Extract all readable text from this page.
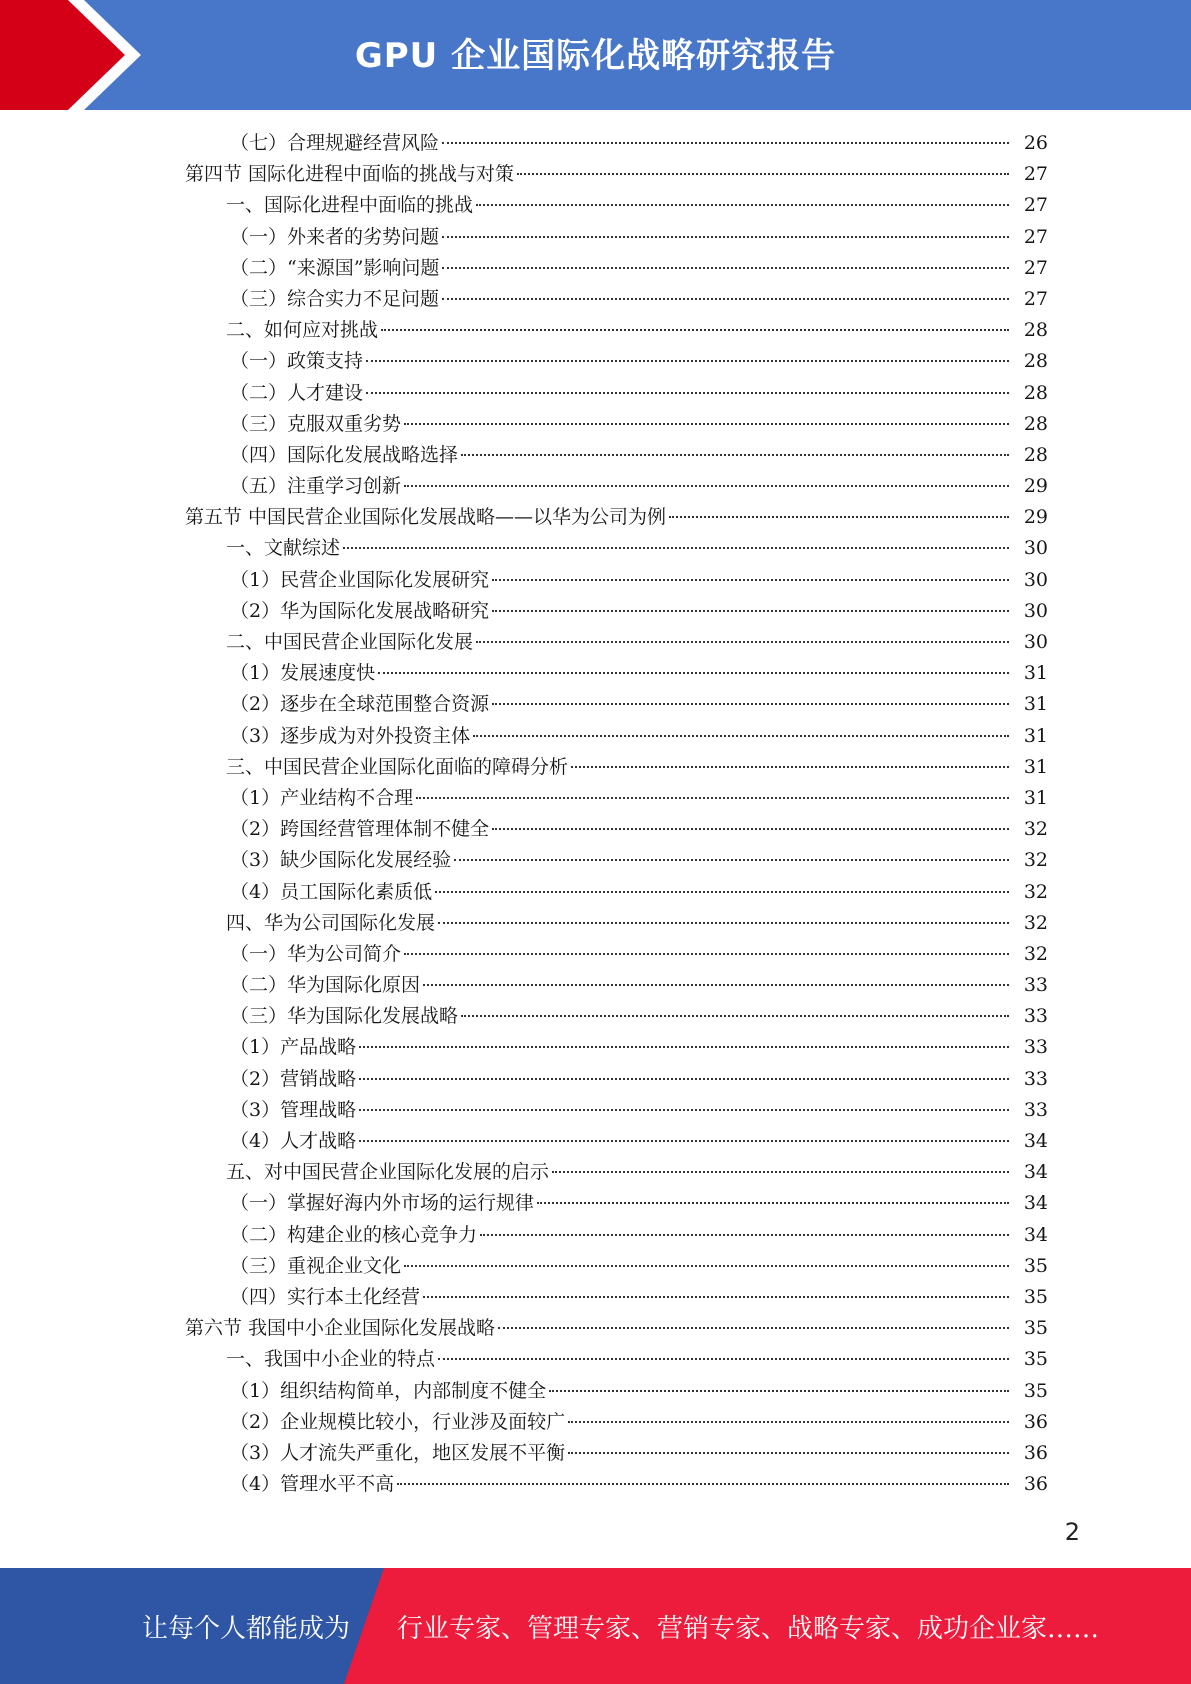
GPU 企业国际化战略研究报告
（七）合理规避经营风险	26
第四节 国际化进程中面临的挑战与对策	27
一、国际化进程中面临的挑战	27
（一）外来者的劣势问题	27
（二）“来源国”影响问题	27
（三）综合实力不足问题	27
二、如何应对挑战	28
（一）政策支持	28
（二）人才建设	28
（三）克服双重劣势	28
（四）国际化发展战略选择	28
（五）注重学习创新	29
第五节 中国民营企业国际化发展战略——以华为公司为例	29
一、文献综述	30
（1）民营企业国际化发展研究	30
（2）华为国际化发展战略研究	30
二、中国民营企业国际化发展	30
（1）发展速度快	31
（2）逐步在全球范围整合资源	31
（3）逐步成为对外投资主体	31
三、中国民营企业国际化面临的障碍分析	31
（1）产业结构不合理	31
（2）跨国经营管理体制不健全	32
（3）缺少国际化发展经验	32
（4）员工国际化素质低	32
四、华为公司国际化发展	32
（一）华为公司简介	32
（二）华为国际化原因	33
（三）华为国际化发展战略	33
（1）产品战略	33
（2）营销战略	33
（3）管理战略	33
（4）人才战略	34
五、对中国民营企业国际化发展的启示	34
（一）掌握好海内外市场的运行规律	34
（二）构建企业的核心竞争力	34
（三）重视企业文化	35
（四）实行本土化经营	35
第六节 我国中小企业国际化发展战略	35
一、我国中小企业的特点	35
（1）组织结构简单，内部制度不健全	35
（2）企业规模比较小，行业涉及面较广	36
（3）人才流失严重化，地区发展不平衡	36
（4）管理水平不高	36
2
让每个人都能成为 行业专家、管理专家、营销专家、战略专家、成功企业家……
